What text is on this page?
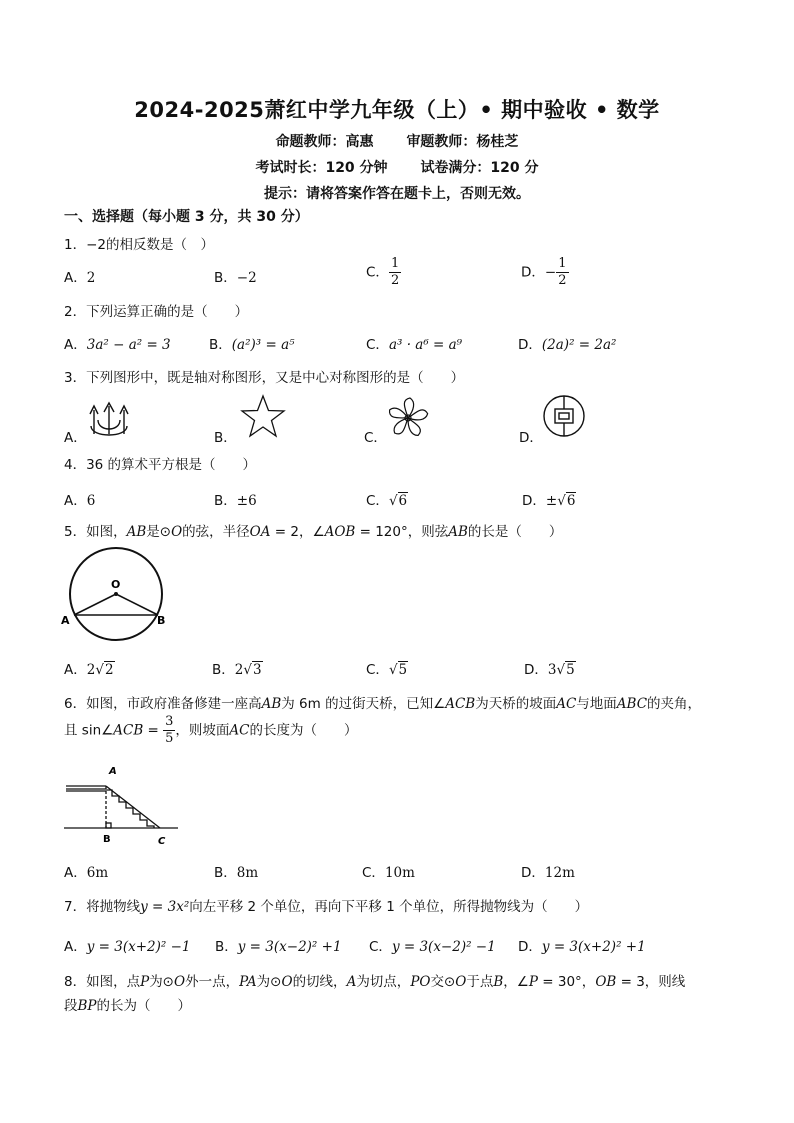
2024-2025萧红中学九年级（上）• 期中验收 • 数学
命题教师：高惠 审题教师：杨桂芝
考试时长：120 分钟 试卷满分：120 分
提示：请将答案作答在题卡上，否则无效。
一、选择题（每小题 3 分，共 30 分）
1．−2的相反数是（　）
A．2	B．−2	C． $\frac{1}{2}$	D．− $\frac{1}{2}$
2．下列运算正确的是（　　）
A．3a² − a² = 3	B．(a²)³ = a⁵	C．a³ · a⁶ = a⁹	D．(2a)² = 2a²
3．下列图形中，既是轴对称图形，又是中心对称图形的是（　　）
A．	B．	C．	D．
4．36 的算术平方根是（　　）
A．6	B．±6	C．√6	D．±√6
5．如图，AB是⊙O的弦，半径OA = 2，∠AOB = 120°，则弦AB的长是（　　）
O
A	B
A．2√2	B．2√3	C．√5	D．3√5
6．如图，市政府准备修建一座高AB为 6m 的过街天桥，已知∠ACB为天桥的坡面AC与地面ABC的夹角，
且 sin∠ACB = $\frac{3}{5}$ ，则坡面AC的长度为（　　）
A
B	C
A．6m	B．8m	C．10m	D．12m
7．将抛物线y = 3x²向左平移 2 个单位，再向下平移 1 个单位，所得抛物线为（　　）
A．y = 3(x+2)² −1 B．y = 3(x−2)² +1 C．y = 3(x−2)² −1 D．y = 3(x+2)² +1
8．如图，点P为⊙O外一点，PA为⊙O的切线，A为切点，PO交⊙O于点B，∠P = 30°，OB = 3，则线
段BP的长为（　　）
